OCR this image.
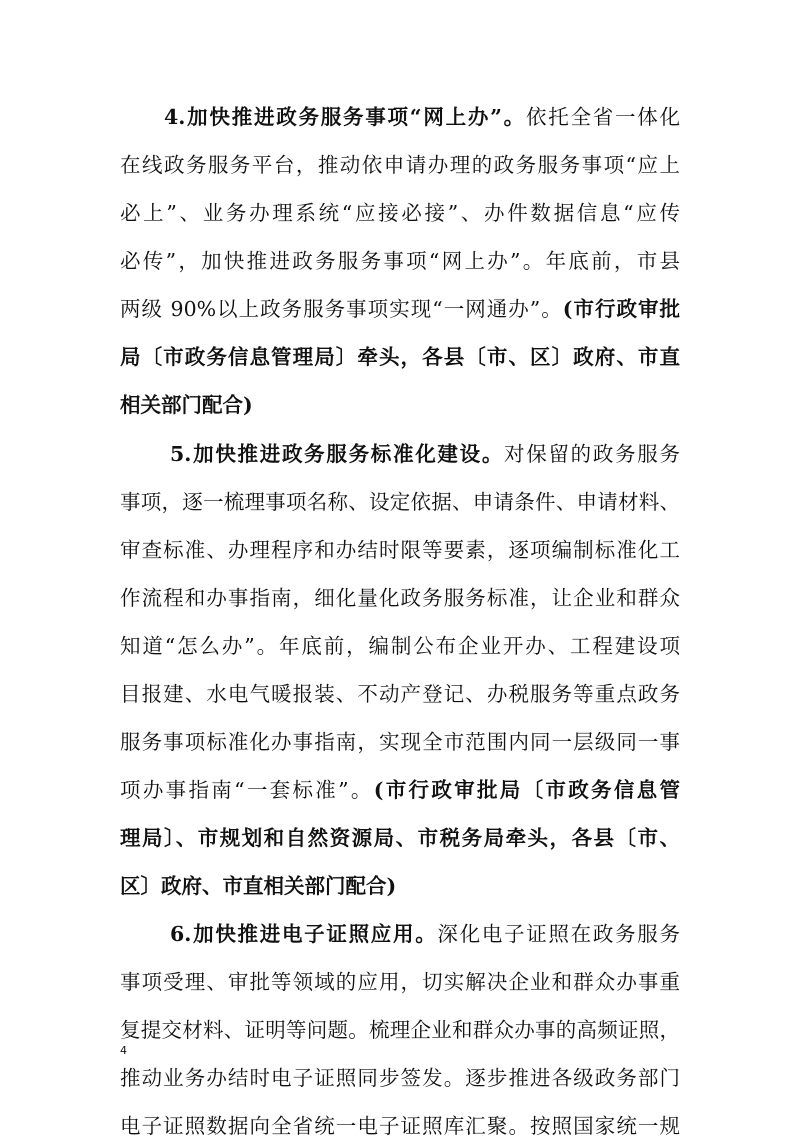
4.加快推进政务服务事项“网上办”。依托全省一体化
在线政务服务平台，推动依申请办理的政务服务事项“应上
必上”、业务办理系统“应接必接”、办件数据信息“应传
必传”，加快推进政务服务事项“网上办”。年底前，市县
两级 90%以上政务服务事项实现“一网通办”。(市行政审批
局〔市政务信息管理局〕牵头，各县〔市、区〕政府、市直
相关部门配合)
5.加快推进政务服务标准化建设。对保留的政务服务
事项，逐一梳理事项名称、设定依据、申请条件、申请材料、
审查标准、办理程序和办结时限等要素，逐项编制标准化工
作流程和办事指南，细化量化政务服务标准，让企业和群众
知道“怎么办”。年底前，编制公布企业开办、工程建设项
目报建、水电气暖报装、不动产登记、办税服务等重点政务
服务事项标准化办事指南，实现全市范围内同一层级同一事
项办事指南“一套标准”。(市行政审批局〔市政务信息管
理局〕、市规划和自然资源局、市税务局牵头，各县〔市、
区〕政府、市直相关部门配合)
6.加快推进电子证照应用。深化电子证照在政务服务
事项受理、审批等领域的应用，切实解决企业和群众办事重
复提交材料、证明等问题。梳理企业和群众办事的高频证照，
推动业务办结时电子证照同步签发。逐步推进各级政务部门
电子证照数据向全省统一电子证照库汇聚。按照国家统一规
4
